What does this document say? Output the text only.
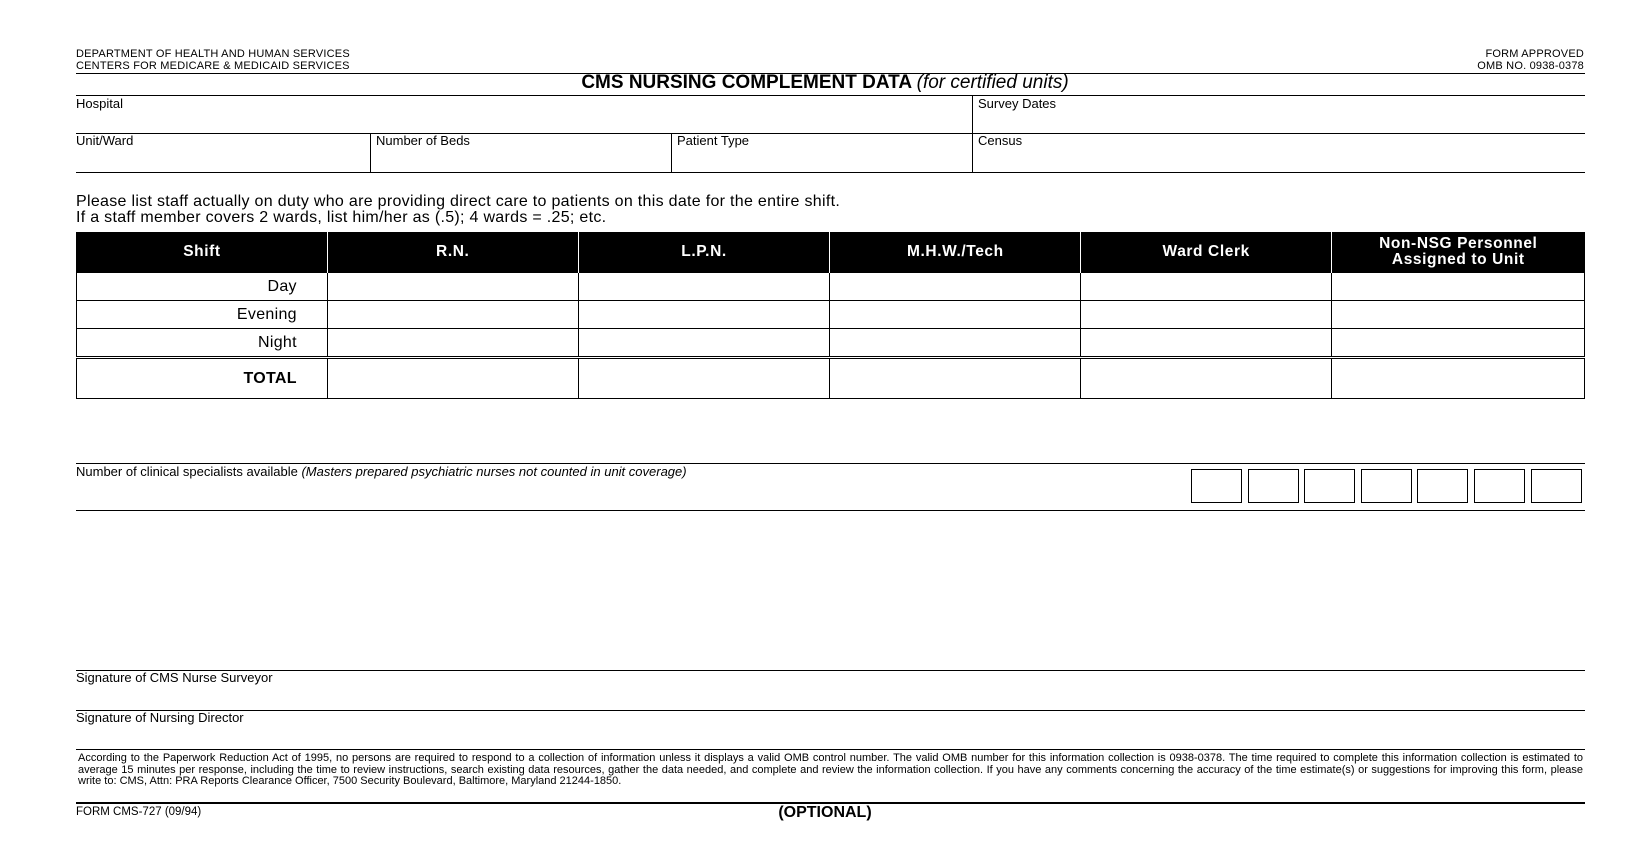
DEPARTMENT OF HEALTH AND HUMAN SERVICES
CENTERS FOR MEDICARE & MEDICAID SERVICES
FORM APPROVED
OMB NO. 0938-0378
CMS NURSING COMPLEMENT DATA (for certified units)
Hospital	Survey Dates
Unit/Ward	Number of Beds	Patient Type	Census
Please list staff actually on duty who are providing direct care to patients on this date for the entire shift.
If a staff member covers 2 wards, list him/her as (.5); 4 wards = .25; etc.
Shift	R.N.	L.P.N.	M.H.W./Tech	Ward Clerk	Non-NSG Personnel Assigned to Unit
Day					
Evening					
Night					
TOTAL					
Number of clinical specialists available (Masters prepared psychiatric nurses not counted in unit coverage)
Signature of CMS Nurse Surveyor
Signature of Nursing Director
According to the Paperwork Reduction Act of 1995, no persons are required to respond to a collection of information unless it displays a valid OMB control number. The valid OMB number for this information collection is 0938-0378. The time required to complete this information collection is estimated to average 15 minutes per response, including the time to review instructions, search existing data resources, gather the data needed, and complete and review the information collection. If you have any comments concerning the accuracy of the time estimate(s) or suggestions for improving this form, please write to: CMS, Attn: PRA Reports Clearance Officer, 7500 Security Boulevard, Baltimore, Maryland 21244-1850.
FORM CMS-727 (09/94)	(OPTIONAL)
